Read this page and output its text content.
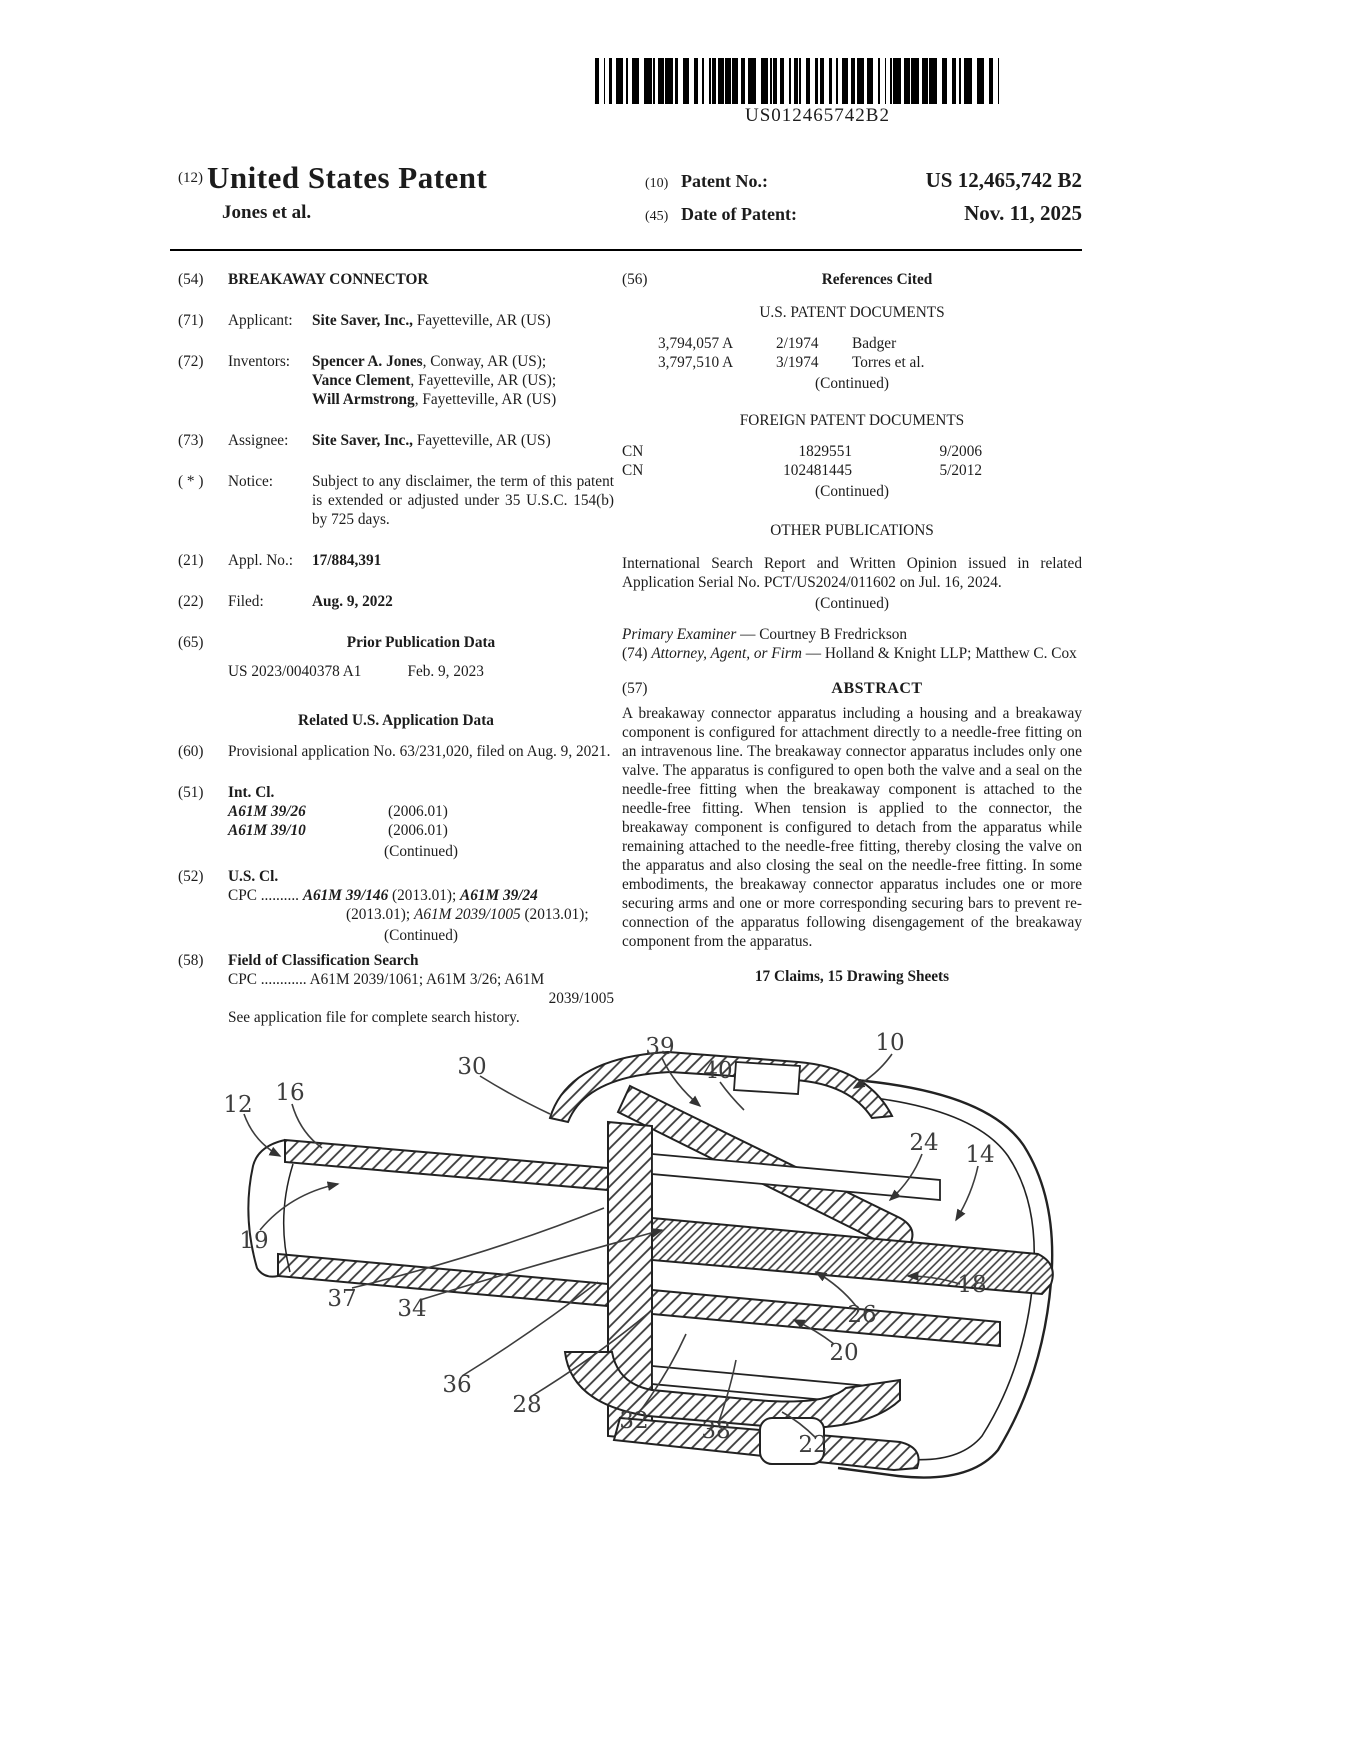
US012465742B2
(12) United States Patent
Jones et al.
(10) Patent No.:	US 12,465,742 B2
(45) Date of Patent:	Nov. 11, 2025
(54)	BREAKAWAY CONNECTOR
(71)	Applicant:	Site Saver, Inc., Fayetteville, AR (US)
(72)	Inventors:	Spencer A. Jones, Conway, AR (US);
Vance Clement, Fayetteville, AR (US);
Will Armstrong, Fayetteville, AR (US)
(73)	Assignee:	Site Saver, Inc., Fayetteville, AR (US)
( * )	Notice:	Subject to any disclaimer, the term of this patent is extended or adjusted under 35 U.S.C. 154(b) by 725 days.
(21)	Appl. No.:	17/884,391
(22)	Filed:	Aug. 9, 2022
(65)	Prior Publication Data
US 2023/0040378 A1	Feb. 9, 2023
Related U.S. Application Data
(60)	Provisional application No. 63/231,020, filed on Aug. 9, 2021.
(51)	Int. Cl.
A61M 39/26	(2006.01)
A61M 39/10	(2006.01)
(Continued)
(52)	U.S. Cl.
CPC .......... A61M 39/146 (2013.01); A61M 39/24
(2013.01); A61M 2039/1005 (2013.01);
(Continued)
(58)	Field of Classification Search
CPC ............ A61M 2039/1061; A61M 3/26; A61M
2039/1005
See application file for complete search history.
(56)	References Cited
U.S. PATENT DOCUMENTS
3,794,057 A	2/1974	Badger
3,797,510 A	3/1974	Torres et al.
(Continued)
FOREIGN PATENT DOCUMENTS
CN	1829551	9/2006
CN	102481445	5/2012
(Continued)
OTHER PUBLICATIONS
International Search Report and Written Opinion issued in related Application Serial No. PCT/US2024/011602 on Jul. 16, 2024.
(Continued)
Primary Examiner — Courtney B Fredrickson
(74) Attorney, Agent, or Firm — Holland & Knight LLP; Matthew C. Cox
(57)	ABSTRACT
A breakaway connector apparatus including a housing and a breakaway component is configured for attachment directly to a needle-free fitting on an intravenous line. The breakaway connector apparatus includes only one valve. The apparatus is configured to open both the valve and a seal on the needle-free fitting when the breakaway component is attached to the needle-free fitting. When tension is applied to the connector, the breakaway component is configured to detach from the apparatus while remaining attached to the needle-free fitting, thereby closing the valve on the apparatus and also closing the seal on the needle-free fitting. In some embodiments, the breakaway connector apparatus includes one or more securing arms and one or more corresponding securing bars to prevent re-connection of the apparatus following disengagement of the breakaway component from the apparatus.
17 Claims, 15 Drawing Sheets
12 16
30
39
40
10
24 14
19
37 34	26
18
20
36
28
32 38
22
